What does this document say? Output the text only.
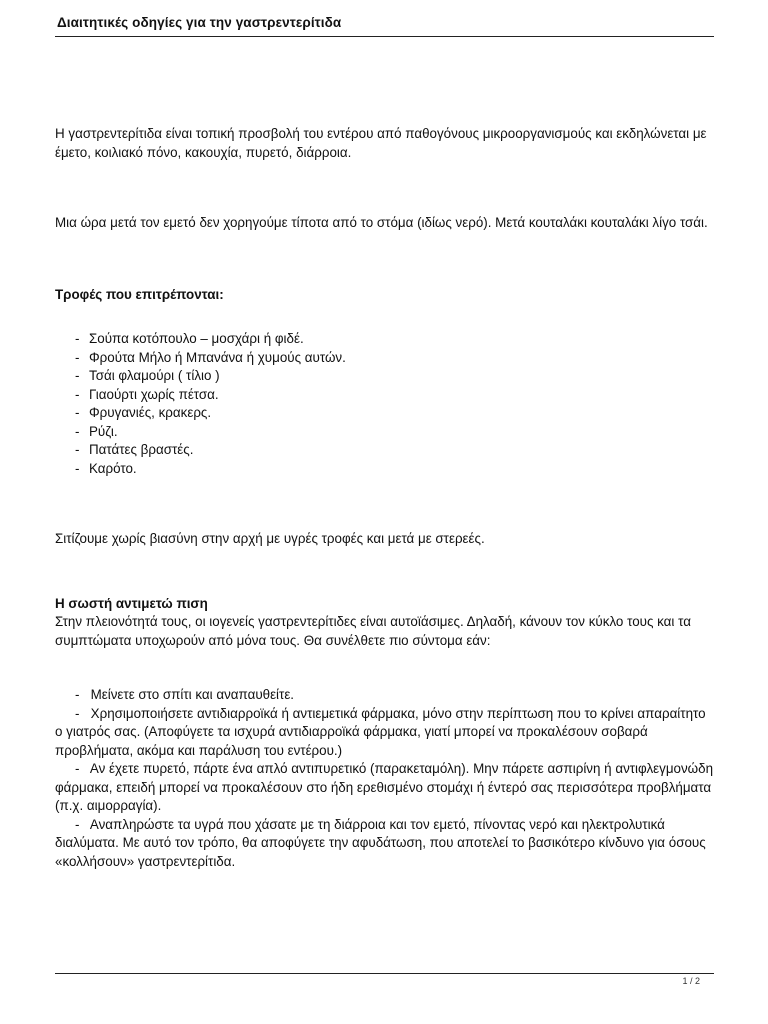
Διαιτητικές οδηγίες για την γαστρεντερίτιδα

Η γαστρεντερίτιδα είναι τοπική προσβολή του εντέρου από παθογόνους μικροοργανισμούς και εκδηλώνεται με έμετο, κοιλιακό πόνο, κακουχία, πυρετό, διάρροια.

Μια ώρα μετά τον εμετό δεν χορηγούμε τίποτα από το στόμα (ιδίως νερό). Μετά κουταλάκι κουταλάκι λίγο τσάι.

Τροφές που επιτρέπονται:

- Σούπα κοτόπουλο – μοσχάρι ή φιδέ.
- Φρούτα Μήλο ή Μπανάνα ή χυμούς αυτών.
- Τσάι φλαμούρι ( τίλιο )
- Γιαούρτι χωρίς πέτσα.
- Φρυγανιές, κρακερς.
- Ρύζι.
- Πατάτες βραστές.
- Καρότο.

Σιτίζουμε χωρίς βιασύνη στην αρχή με υγρές τροφές και μετά με στερεές.

Η σωστή αντιμετώ πιση

Στην πλειονότητά τους, οι ιογενείς γαστρεντερίτιδες είναι αυτοϊάσιμες. Δηλαδή, κάνουν τον κύκλο τους και τα συμπτώματα υποχωρούν από μόνα τους. Θα συνέλθετε πιο σύντομα εάν:

- Μείνετε στο σπίτι και αναπαυθείτε.
- Χρησιμοποιήσετε αντιδιαρροϊκά ή αντιεμετικά φάρμακα, μόνο στην περίπτωση που το κρίνει απαραίτητο ο γιατρός σας. (Αποφύγετε τα ισχυρά αντιδιαρροϊκά φάρμακα, γιατί μπορεί να προκαλέσουν σοβαρά προβλήματα, ακόμα και παράλυση του εντέρου.)
- Αν έχετε πυρετό, πάρτε ένα απλό αντιπυρετικό (παρακεταμόλη). Μην πάρετε ασπιρίνη ή αντιφλεγμονώδη φάρμακα, επειδή μπορεί να προκαλέσουν στο ήδη ερεθισμένο στομάχι ή έντερό σας περισσότερα προβλήματα (π.χ. αιμορραγία).
- Αναπληρώστε τα υγρά που χάσατε με τη διάρροια και τον εμετό, πίνοντας νερό και ηλεκτρολυτικά διαλύματα. Με αυτό τον τρόπο, θα αποφύγετε την αφυδάτωση, που αποτελεί το βασικότερο κίνδυνο για όσους «κολλήσουν» γαστρεντερίτιδα.
1 / 2
